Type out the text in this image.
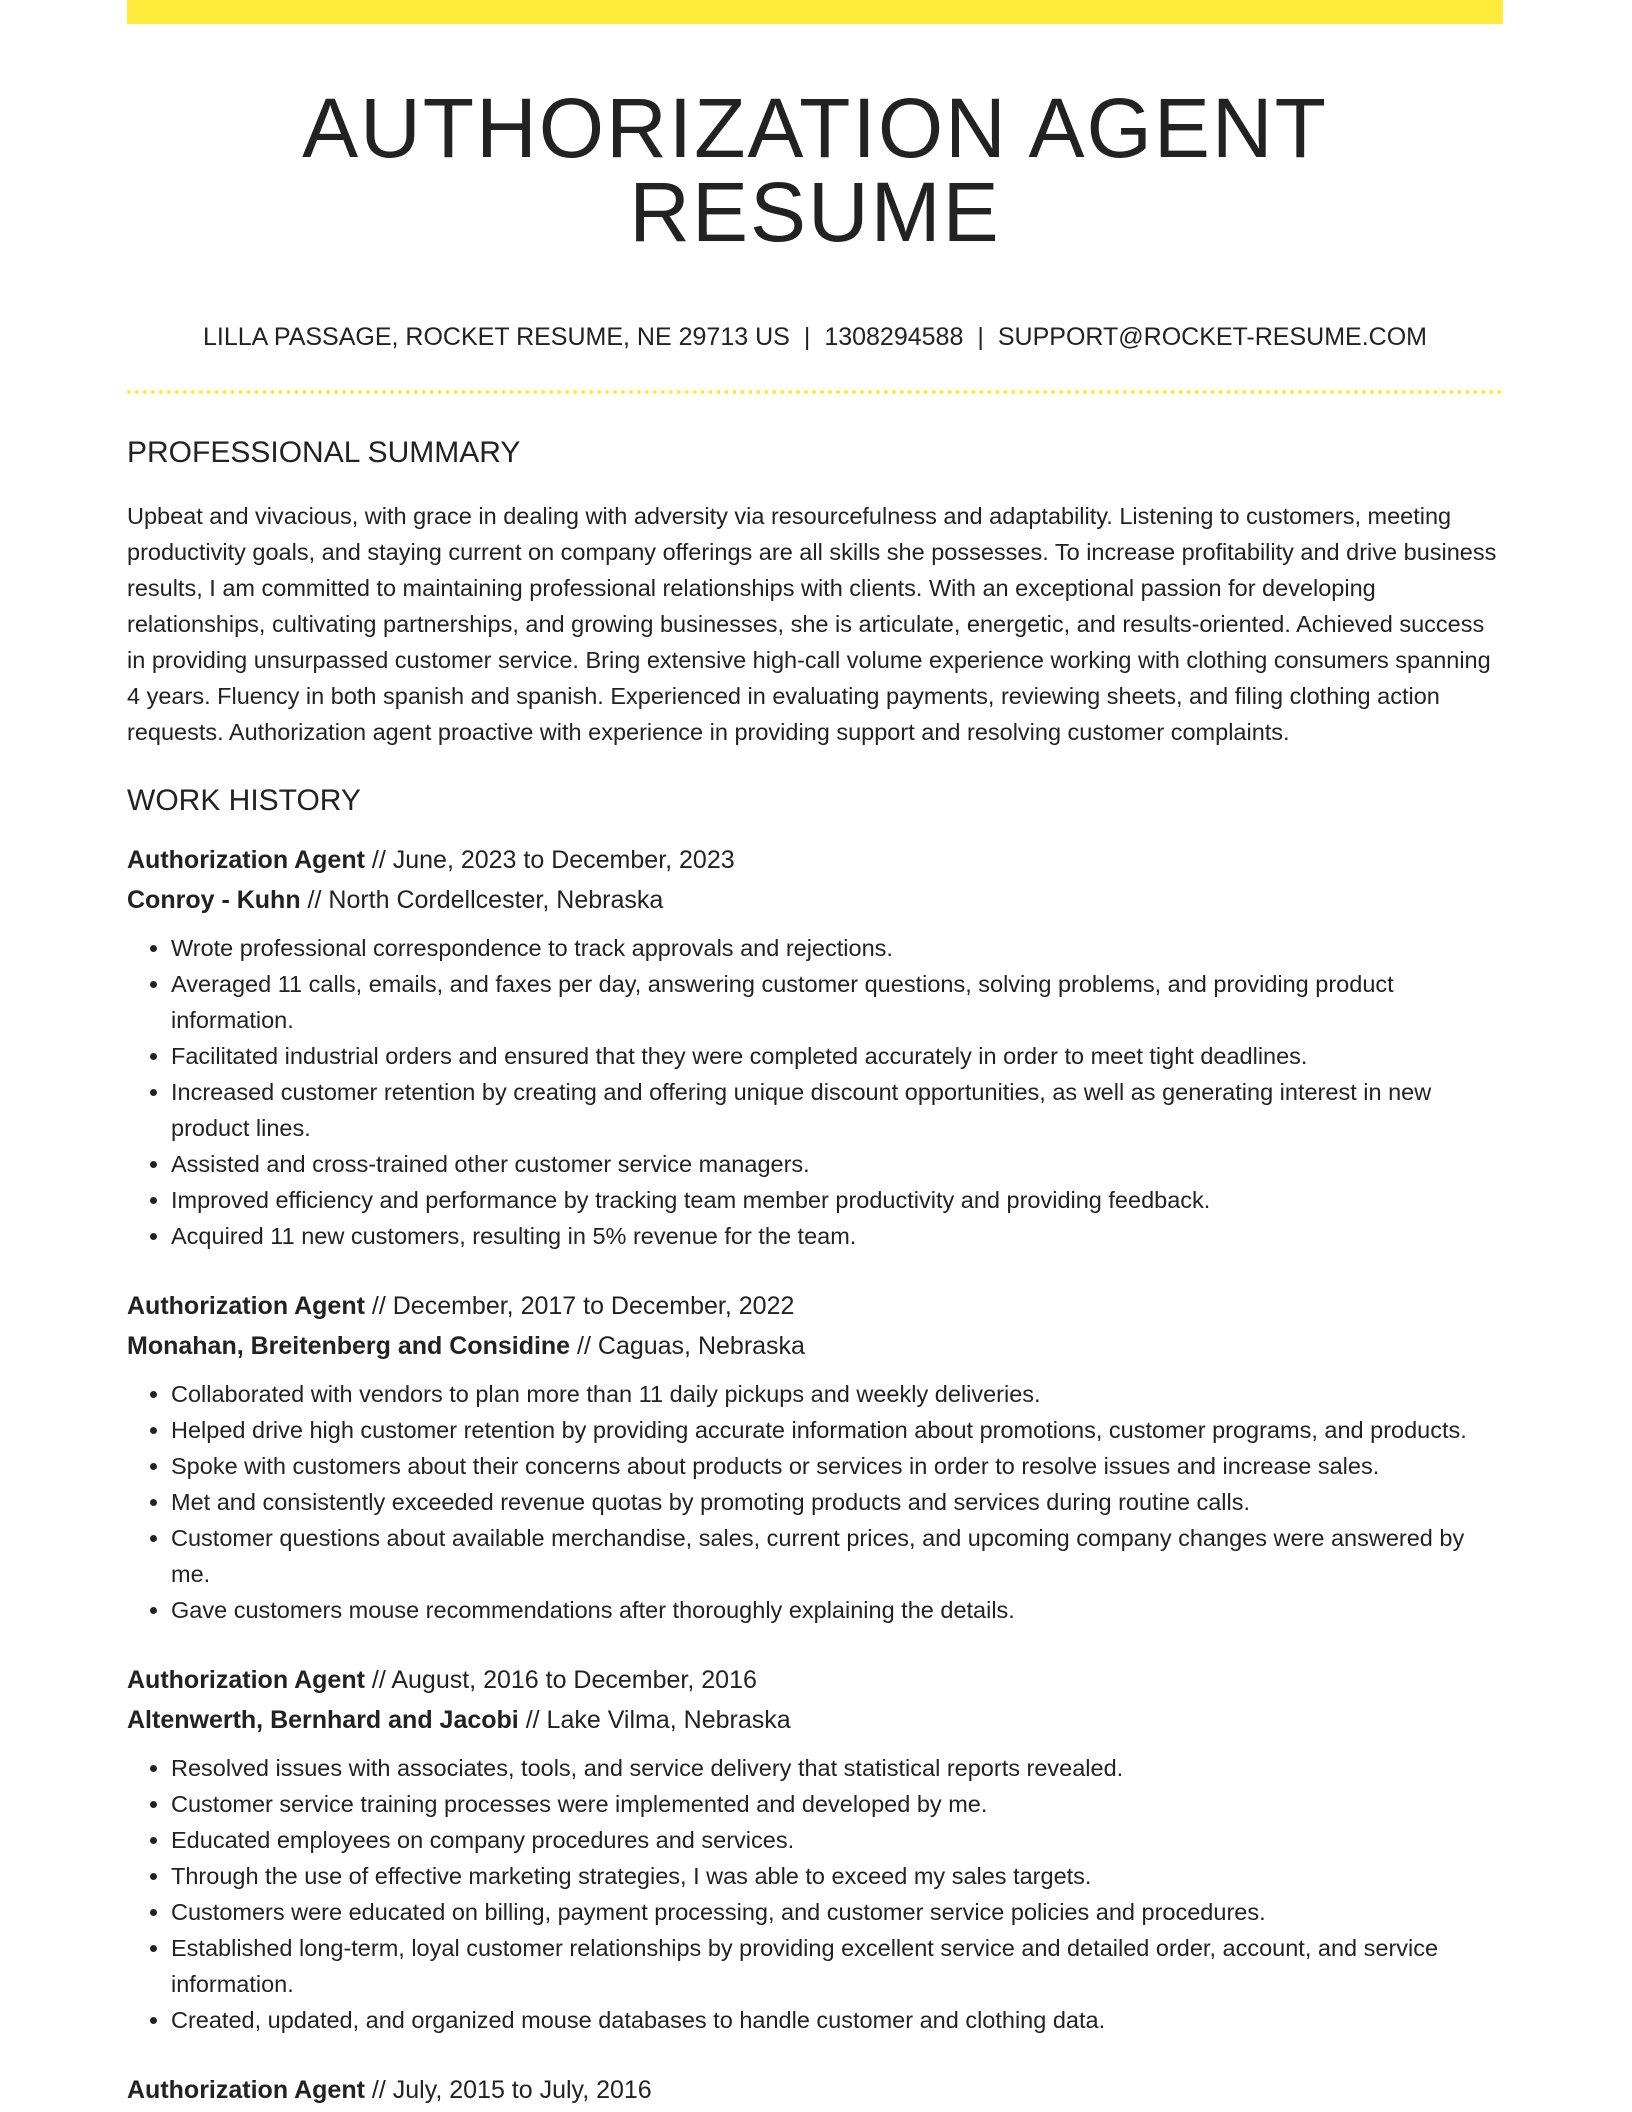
AUTHORIZATION AGENT RESUME
LILLA PASSAGE, ROCKET RESUME, NE 29713 US | 1308294588 | SUPPORT@ROCKET-RESUME.COM
PROFESSIONAL SUMMARY

Upbeat and vivacious, with grace in dealing with adversity via resourcefulness and adaptability. Listening to customers, meeting productivity goals, and staying current on company offerings are all skills she possesses. To increase profitability and drive business results, I am committed to maintaining professional relationships with clients. With an exceptional passion for developing relationships, cultivating partnerships, and growing businesses, she is articulate, energetic, and results-oriented. Achieved success in providing unsurpassed customer service. Bring extensive high-call volume experience working with clothing consumers spanning 4 years. Fluency in both spanish and spanish. Experienced in evaluating payments, reviewing sheets, and filing clothing action requests. Authorization agent proactive with experience in providing support and resolving customer complaints.

WORK HISTORY
Authorization Agent // June, 2023 to December, 2023
Conroy - Kuhn // North Cordellcester, Nebraska
• Wrote professional correspondence to track approvals and rejections.
• Averaged 11 calls, emails, and faxes per day, answering customer questions, solving problems, and providing product information.
• Facilitated industrial orders and ensured that they were completed accurately in order to meet tight deadlines.
• Increased customer retention by creating and offering unique discount opportunities, as well as generating interest in new product lines.
• Assisted and cross-trained other customer service managers.
• Improved efficiency and performance by tracking team member productivity and providing feedback.
• Acquired 11 new customers, resulting in 5% revenue for the team.
Authorization Agent // December, 2017 to December, 2022
Monahan, Breitenberg and Considine // Caguas, Nebraska
• Collaborated with vendors to plan more than 11 daily pickups and weekly deliveries.
• Helped drive high customer retention by providing accurate information about promotions, customer programs, and products.
• Spoke with customers about their concerns about products or services in order to resolve issues and increase sales.
• Met and consistently exceeded revenue quotas by promoting products and services during routine calls.
• Customer questions about available merchandise, sales, current prices, and upcoming company changes were answered by me.
• Gave customers mouse recommendations after thoroughly explaining the details.
Authorization Agent // August, 2016 to December, 2016
Altenwerth, Bernhard and Jacobi // Lake Vilma, Nebraska
• Resolved issues with associates, tools, and service delivery that statistical reports revealed.
• Customer service training processes were implemented and developed by me.
• Educated employees on company procedures and services.
• Through the use of effective marketing strategies, I was able to exceed my sales targets.
• Customers were educated on billing, payment processing, and customer service policies and procedures.
• Established long-term, loyal customer relationships by providing excellent service and detailed order, account, and service information.
• Created, updated, and organized mouse databases to handle customer and clothing data.
Authorization Agent // July, 2015 to July, 2016
